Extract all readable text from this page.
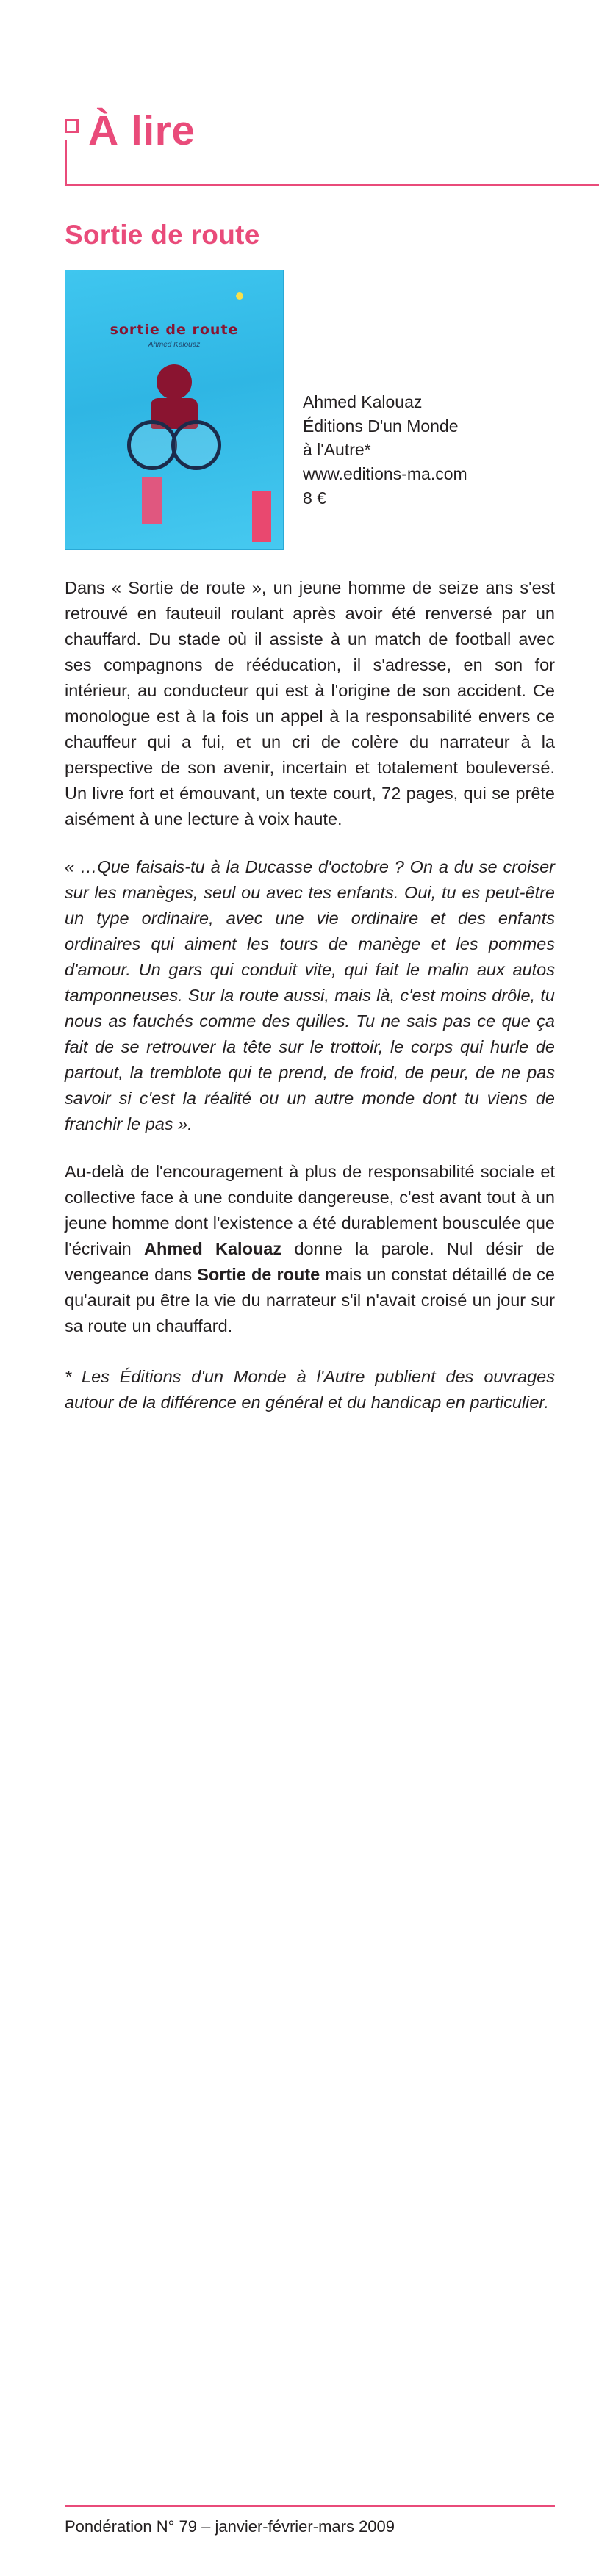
À lire
Sortie de route
sortie de route
Ahmed Kalouaz
Ahmed Kalouaz
Éditions D'un Monde
à l'Autre*
www.editions-ma.com
8 €

Dans « Sortie de route », un jeune homme de seize ans s'est retrouvé en fauteuil roulant après avoir été renversé par un chauffard. Du stade où il assiste à un match de football avec ses compagnons de rééducation, il s'adresse, en son for intérieur, au conducteur qui est à l'origine de son accident. Ce monologue est à la fois un appel à la responsabilité envers ce chauffeur qui a fui, et un cri de colère du narrateur à la perspective de son avenir, incertain et totalement bouleversé. Un livre fort et émouvant, un texte court, 72 pages, qui se prête aisément à une lecture à voix haute.

« …Que faisais-tu à la Ducasse d'octobre ? On a du se croiser sur les manèges, seul ou avec tes enfants. Oui, tu es peut-être un type ordinaire, avec une vie ordinaire et des enfants ordinaires qui aiment les tours de manège et les pommes d'amour. Un gars qui conduit vite, qui fait le malin aux autos tamponneuses. Sur la route aussi, mais là, c'est moins drôle, tu nous as fauchés comme des quilles. Tu ne sais pas ce que ça fait de se retrouver la tête sur le trottoir, le corps qui hurle de partout, la tremblote qui te prend, de froid, de peur, de ne pas savoir si c'est la réalité ou un autre monde dont tu viens de franchir le pas ».

Au-delà de l'encouragement à plus de responsabilité sociale et collective face à une conduite dangereuse, c'est avant tout à un jeune homme dont l'existence a été durablement bousculée que l'écrivain Ahmed Kalouaz donne la parole. Nul désir de vengeance dans Sortie de route mais un constat détaillé de ce qu'aurait pu être la vie du narrateur s'il n'avait croisé un jour sur sa route un chauffard.

* Les Éditions d'un Monde à l'Autre publient des ouvrages autour de la différence en général et du handicap en particulier.

Pondération N° 79 – janvier-février-mars 2009
